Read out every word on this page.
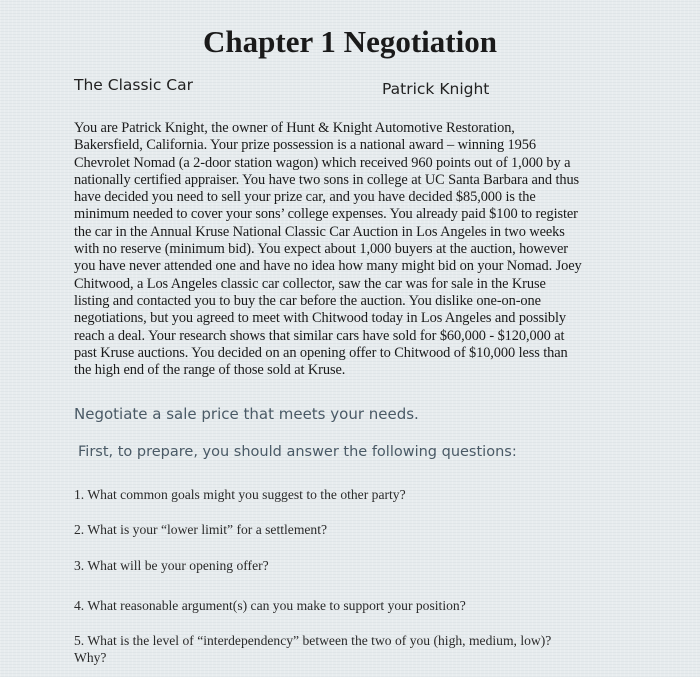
Chapter 1 Negotiation
The Classic Car	Patrick Knight

You are Patrick Knight, the owner of Hunt & Knight Automotive Restoration,
Bakersfield, California. Your prize possession is a national award – winning 1956
Chevrolet Nomad (a 2-door station wagon) which received 960 points out of 1,000 by a
nationally certified appraiser. You have two sons in college at UC Santa Barbara and thus
have decided you need to sell your prize car, and you have decided $85,000 is the
minimum needed to cover your sons’ college expenses. You already paid $100 to register
the car in the Annual Kruse National Classic Car Auction in Los Angeles in two weeks
with no reserve (minimum bid). You expect about 1,000 buyers at the auction, however
you have never attended one and have no idea how many might bid on your Nomad. Joey
Chitwood, a Los Angeles classic car collector, saw the car was for sale in the Kruse
listing and contacted you to buy the car before the auction. You dislike one-on-one
negotiations, but you agreed to meet with Chitwood today in Los Angeles and possibly
reach a deal. Your research shows that similar cars have sold for $60,000 - $120,000 at
past Kruse auctions. You decided on an opening offer to Chitwood of $10,000 less than
the high end of the range of those sold at Kruse.

Negotiate a sale price that meets your needs.
First, to prepare, you should answer the following questions:
1. What common goals might you suggest to the other party?
2. What is your “lower limit” for a settlement?
3. What will be your opening offer?
4. What reasonable argument(s) can you make to support your position?
5. What is the level of “interdependency” between the two of you (high, medium, low)?
Why?
